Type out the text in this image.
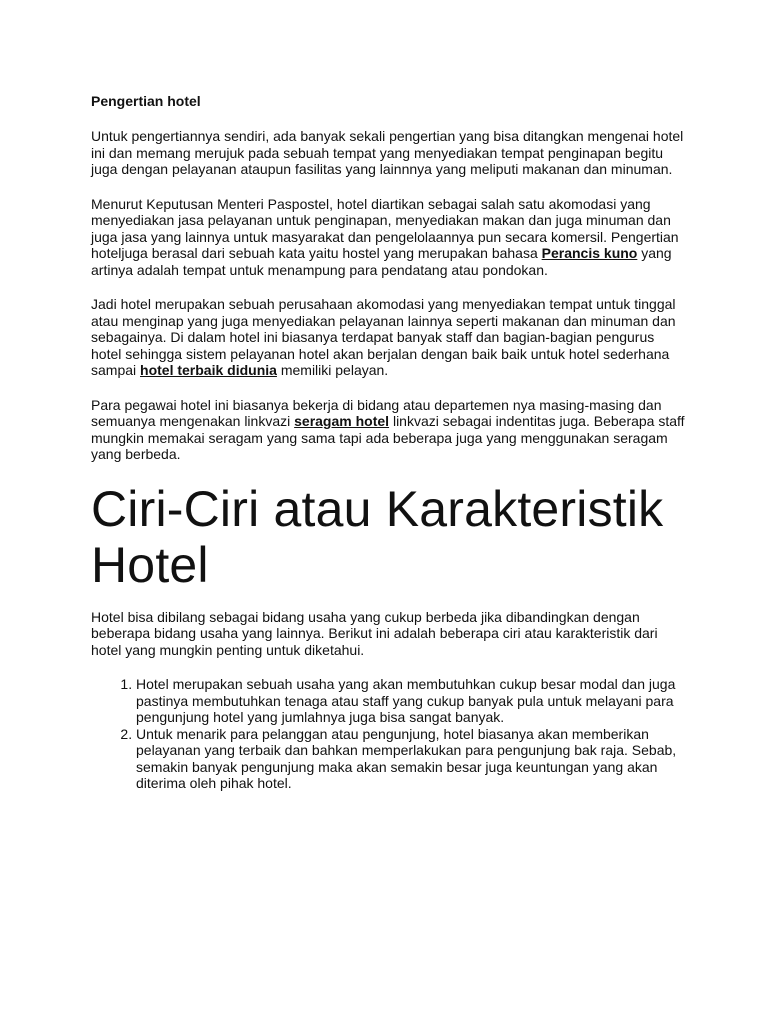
Pengertian hotel

Untuk pengertiannya sendiri, ada banyak sekali pengertian yang bisa ditangkan mengenai hotel ini dan memang merujuk pada sebuah tempat yang menyediakan tempat penginapan begitu juga dengan pelayanan ataupun fasilitas yang lainnnya yang meliputi makanan dan minuman.

Menurut Keputusan Menteri Paspostel, hotel diartikan sebagai salah satu akomodasi yang menyediakan jasa pelayanan untuk penginapan, menyediakan makan dan juga minuman dan juga jasa yang lainnya untuk masyarakat dan pengelolaannya pun secara komersil. Pengertian hoteljuga berasal dari sebuah kata yaitu hostel yang merupakan bahasa Perancis kuno yang artinya adalah tempat untuk menampung para pendatang atau pondokan.

Jadi hotel merupakan sebuah perusahaan akomodasi yang menyediakan tempat untuk tinggal atau menginap yang juga menyediakan pelayanan lainnya seperti makanan dan minuman dan sebagainya. Di dalam hotel ini biasanya terdapat banyak staff dan bagian-bagian pengurus hotel sehingga sistem pelayanan hotel akan berjalan dengan baik baik untuk hotel sederhana sampai hotel terbaik didunia memiliki pelayan.

Para pegawai hotel ini biasanya bekerja di bidang atau departemen nya masing-masing dan semuanya mengenakan linkvazi seragam hotel linkvazi sebagai indentitas juga. Beberapa staff mungkin memakai seragam yang sama tapi ada beberapa juga yang menggunakan seragam yang berbeda.

Ciri-Ciri atau Karakteristik Hotel

Hotel bisa dibilang sebagai bidang usaha yang cukup berbeda jika dibandingkan dengan beberapa bidang usaha yang lainnya. Berikut ini adalah beberapa ciri atau karakteristik dari hotel yang mungkin penting untuk diketahui.

1. Hotel merupakan sebuah usaha yang akan membutuhkan cukup besar modal dan juga pastinya membutuhkan tenaga atau staff yang cukup banyak pula untuk melayani para pengunjung hotel yang jumlahnya juga bisa sangat banyak.
2. Untuk menarik para pelanggan atau pengunjung, hotel biasanya akan memberikan pelayanan yang terbaik dan bahkan memperlakukan para pengunjung bak raja. Sebab, semakin banyak pengunjung maka akan semakin besar juga keuntungan yang akan diterima oleh pihak hotel.
